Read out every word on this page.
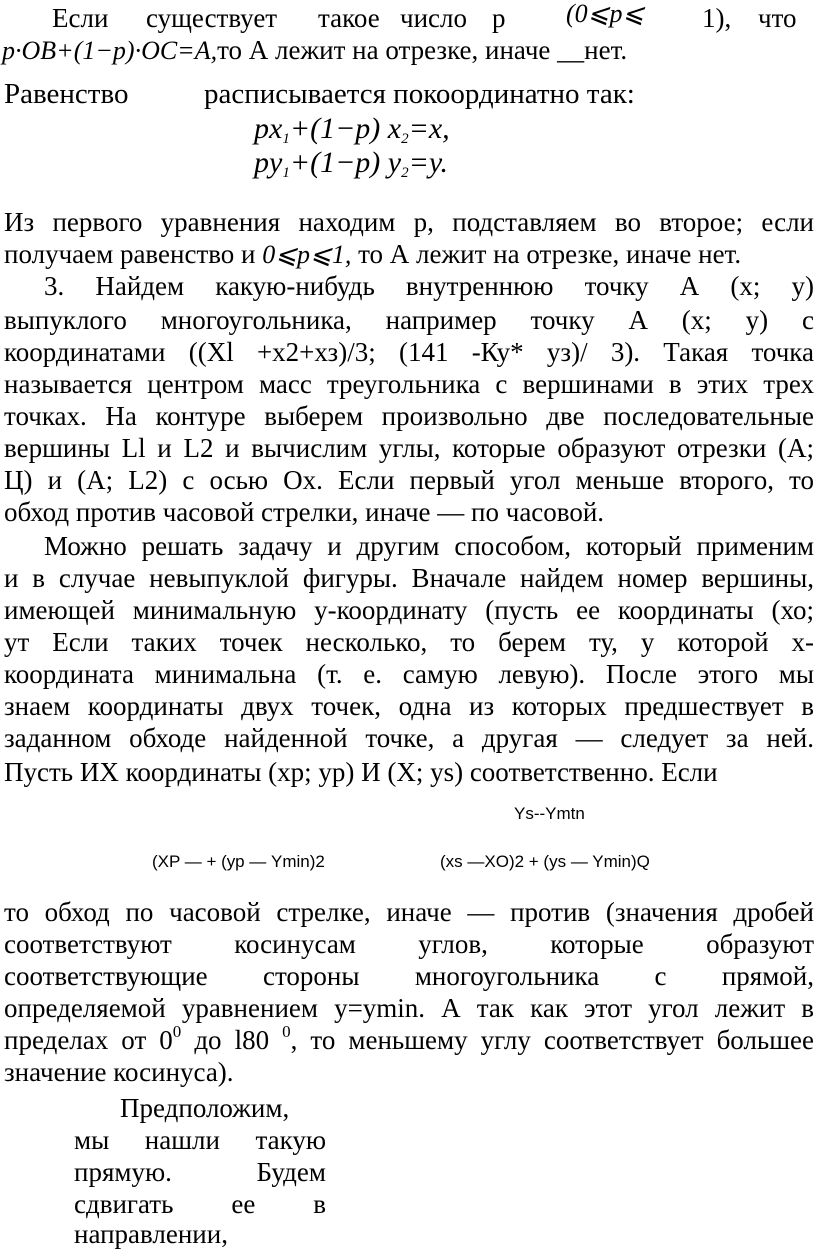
Если существует такое число р (0⩽p⩽ 1), что
p·OB+(1−p)·OC=A,то А лежит на отрезке, иначе __нет.
Равенство	расписывается покоординатно так:
$px_1+(1-p)$ $x_2=x$,
$py_1+(1-p)$ $y_2=y$.
Из первого уравнения находим р, подставляем во второе; если
получаем равенство и 0⩽p⩽1, то А лежит на отрезке, иначе нет.
3. Найдем какую-нибудь внутреннюю точку А (х; у)
выпуклого многоугольника, например точку А (х; у) с
координатами ((Xl +х2+хз)/3; (141 -Ку* уз)/ 3). Такая точка
называется центром масс треугольника с вершинами в этих трех
точках. На контуре выберем произвольно две последовательные
вершины Ll и L2 и вычислим углы, которые образуют отрезки (А;
Ц) и (А; L2) с осью Ох. Если первый угол меньше второго, то
обход против часовой стрелки, иначе — по часовой.
Можно решать задачу и другим способом, который применим
и в случае невыпуклой фигуры. Вначале найдем номер вершины,
имеющей минимальную у-координату (пусть ее координаты (хо;
ут Если таких точек несколько, то берем ту, у которой х-
координата минимальна (т. е. самую левую). После этого мы
знаем координаты двух точек, одна из которых предшествует в
заданном обходе найденной точке, а другая — следует за ней.
Пусть ИХ координаты (хр; ур) И (Х; ys) соответственно. Если
Ys--Ymtn
(XP — + (ур — Ymin)2	(xs —XO)2 + (ys — Ymin)Q
то обход по часовой стрелке, иначе — против (значения дробей
соответствуют косинусам углов, которые образуют
соответствующие стороны многоугольника с прямой,
определяемой уравнением y=ymin. А так как этот угол лежит в
пределах от $0^0$ до l80 $^0$, то меньшему углу соответствует большее
значение косинуса).
Предположим,
мы нашли такую
прямую. Будем
сдвигать ее в
направлении,
